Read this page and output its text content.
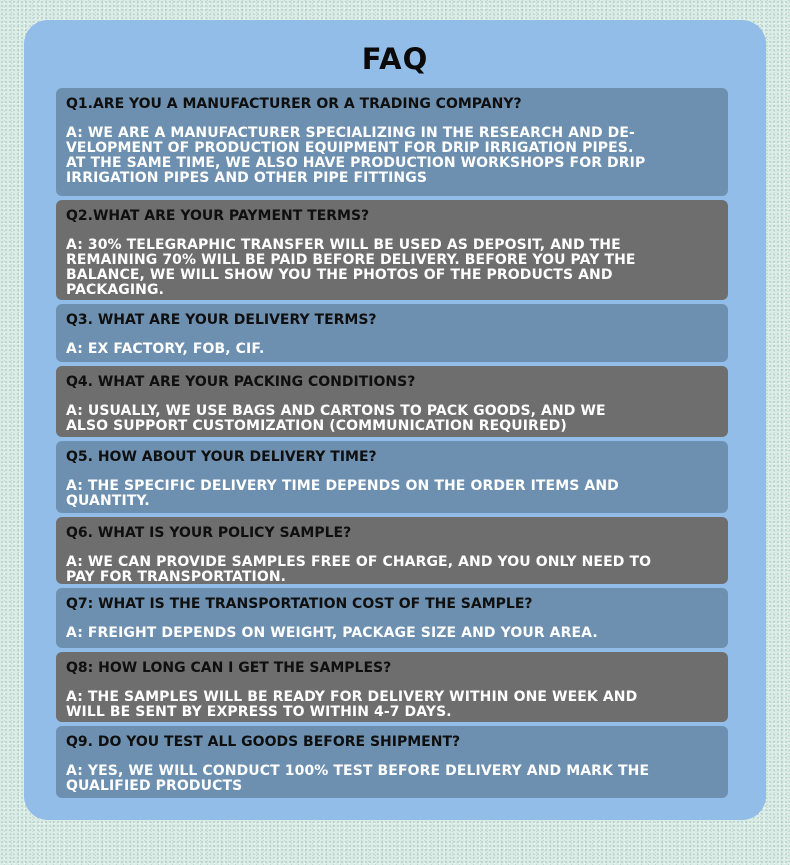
FAQ
Q1.ARE YOU A MANUFACTURER OR A TRADING COMPANY?
A: WE ARE A MANUFACTURER SPECIALIZING IN THE RESEARCH AND DE-
VELOPMENT OF PRODUCTION EQUIPMENT FOR DRIP IRRIGATION PIPES.
AT THE SAME TIME, WE ALSO HAVE PRODUCTION WORKSHOPS FOR DRIP
IRRIGATION PIPES AND OTHER PIPE FITTINGS
Q2.WHAT ARE YOUR PAYMENT TERMS?
A: 30% TELEGRAPHIC TRANSFER WILL BE USED AS DEPOSIT, AND THE
REMAINING 70% WILL BE PAID BEFORE DELIVERY. BEFORE YOU PAY THE
BALANCE, WE WILL SHOW YOU THE PHOTOS OF THE PRODUCTS AND
PACKAGING.
Q3. WHAT ARE YOUR DELIVERY TERMS?
A: EX FACTORY, FOB, CIF.
Q4. WHAT ARE YOUR PACKING CONDITIONS?
A: USUALLY, WE USE BAGS AND CARTONS TO PACK GOODS, AND WE
ALSO SUPPORT CUSTOMIZATION (COMMUNICATION REQUIRED)
Q5. HOW ABOUT YOUR DELIVERY TIME?
A: THE SPECIFIC DELIVERY TIME DEPENDS ON THE ORDER ITEMS AND
QUANTITY.
Q6. WHAT IS YOUR POLICY SAMPLE?
A: WE CAN PROVIDE SAMPLES FREE OF CHARGE, AND YOU ONLY NEED TO
PAY FOR TRANSPORTATION.
Q7: WHAT IS THE TRANSPORTATION COST OF THE SAMPLE?
A: FREIGHT DEPENDS ON WEIGHT, PACKAGE SIZE AND YOUR AREA.
Q8: HOW LONG CAN I GET THE SAMPLES?
A: THE SAMPLES WILL BE READY FOR DELIVERY WITHIN ONE WEEK AND
WILL BE SENT BY EXPRESS TO WITHIN 4-7 DAYS.
Q9. DO YOU TEST ALL GOODS BEFORE SHIPMENT?
A: YES, WE WILL CONDUCT 100% TEST BEFORE DELIVERY AND MARK THE
QUALIFIED PRODUCTS
